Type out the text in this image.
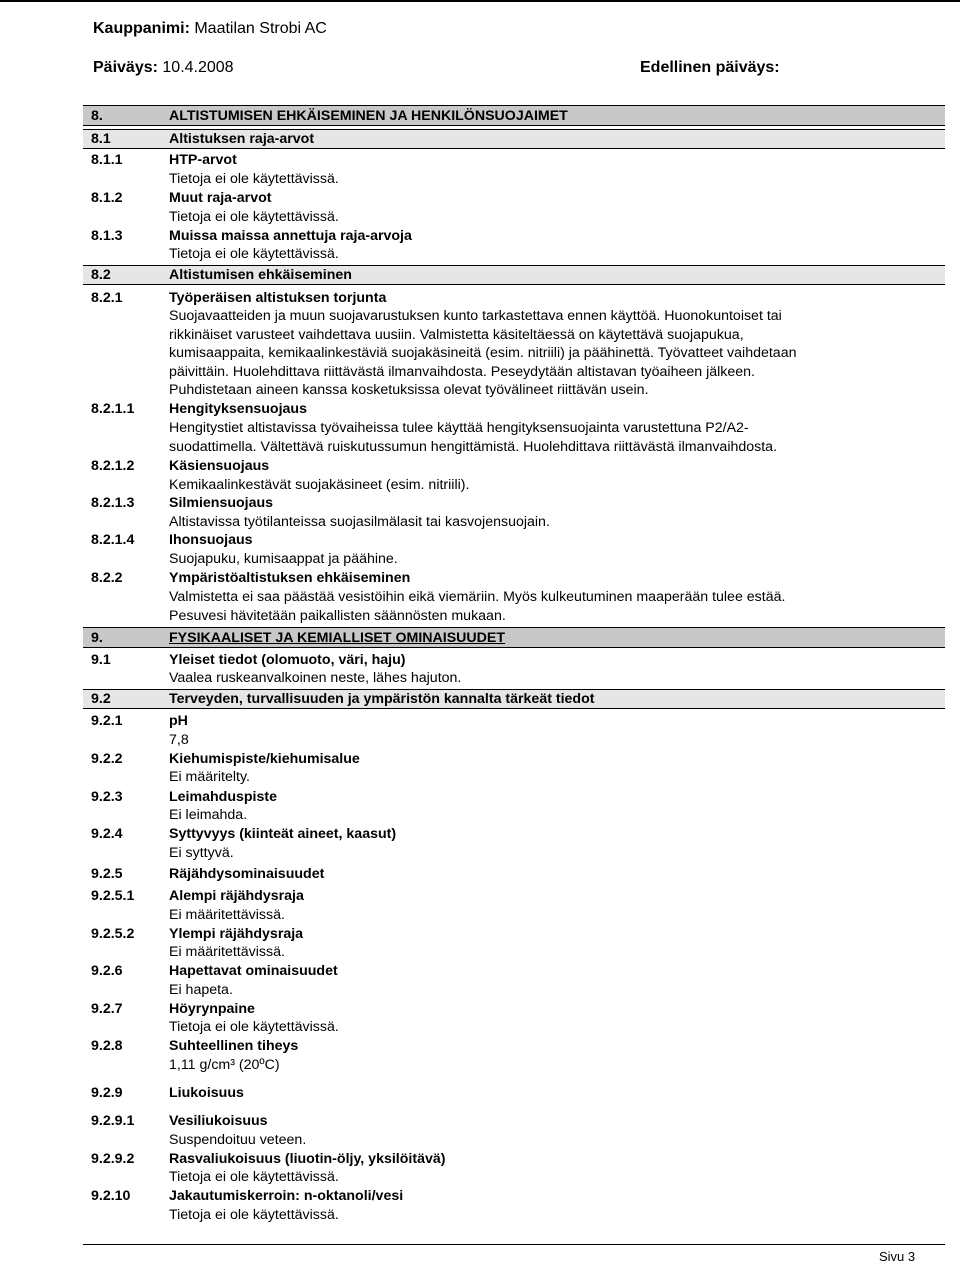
Kauppanimi: Maatilan Strobi AC
Päiväys: 10.4.2008	Edellinen päiväys:
8.	ALTISTUMISEN EHKÄISEMINEN JA HENKILÖNSUOJAIMET
8.1	Altistuksen raja-arvot
8.1.1	HTP-arvot
Tietoja ei ole käytettävissä.
8.1.2	Muut raja-arvot
Tietoja ei ole käytettävissä.
8.1.3	Muissa maissa annettuja raja-arvoja
Tietoja ei ole käytettävissä.
8.2	Altistumisen ehkäiseminen
8.2.1	Työperäisen altistuksen torjunta
Suojavaatteiden ja muun suojavarustuksen kunto tarkastettava ennen käyttöä. Huonokuntoiset tai
rikkinäiset varusteet vaihdettava uusiin. Valmistetta käsiteltäessä on käytettävä suojapukua,
kumisaappaita, kemikaalinkestäviä suojakäsineitä (esim. nitriili) ja päähinettä. Työvatteet vaihdetaan
päivittäin. Huolehdittava riittävästä ilmanvaihdosta. Peseydytään altistavan työaiheen jälkeen.
Puhdistetaan aineen kanssa kosketuksissa olevat työvälineet riittävän usein.
8.2.1.1 Hengityksensuojaus
Hengitystiet altistavissa työvaiheissa tulee käyttää hengityksensuojainta varustettuna P2/A2-
suodattimella. Vältettävä ruiskutussumun hengittämistä. Huolehdittava riittävästä ilmanvaihdosta.
8.2.1.2 Käsiensuojaus
Kemikaalinkestävät suojakäsineet (esim. nitriili).
8.2.1.3 Silmiensuojaus
Altistavissa työtilanteissa suojasilmälasit tai kasvojensuojain.
8.2.1.4 Ihonsuojaus
Suojapuku, kumisaappat ja päähine.
8.2.2	Ympäristöaltistuksen ehkäiseminen
Valmistetta ei saa päästää vesistöihin eikä viemäriin. Myös kulkeutuminen maaperään tulee estää.
Pesuvesi hävitetään paikallisten säännösten mukaan.
9.	FYSIKAALISET JA KEMIALLISET OMINAISUUDET
9.1	Yleiset tiedot (olomuoto, väri, haju)
Vaalea ruskeanvalkoinen neste, lähes hajuton.
9.2	Terveyden, turvallisuuden ja ympäristön kannalta tärkeät tiedot
9.2.1	pH
7,8
9.2.2	Kiehumispiste/kiehumisalue
Ei määritelty.
9.2.3	Leimahduspiste
Ei leimahda.
9.2.4	Syttyvyys (kiinteät aineet, kaasut)
Ei syttyvä.
9.2.5	Räjähdysominaisuudet
9.2.5.1 Alempi räjähdysraja
Ei määritettävissä.
9.2.5.2 Ylempi räjähdysraja
Ei määritettävissä.
9.2.6	Hapettavat ominaisuudet
Ei hapeta.
9.2.7	Höyrynpaine
Tietoja ei ole käytettävissä.
9.2.8	Suhteellinen tiheys
1,11 g/cm³ (20ºC)
9.2.9	Liukoisuus
9.2.9.1 Vesiliukoisuus
Suspendoituu veteen.
9.2.9.2 Rasvaliukoisuus (liuotin-öljy, yksilöitävä)
Tietoja ei ole käytettävissä.
9.2.10	Jakautumiskerroin: n-oktanoli/vesi
Tietoja ei ole käytettävissä.
Sivu 3
